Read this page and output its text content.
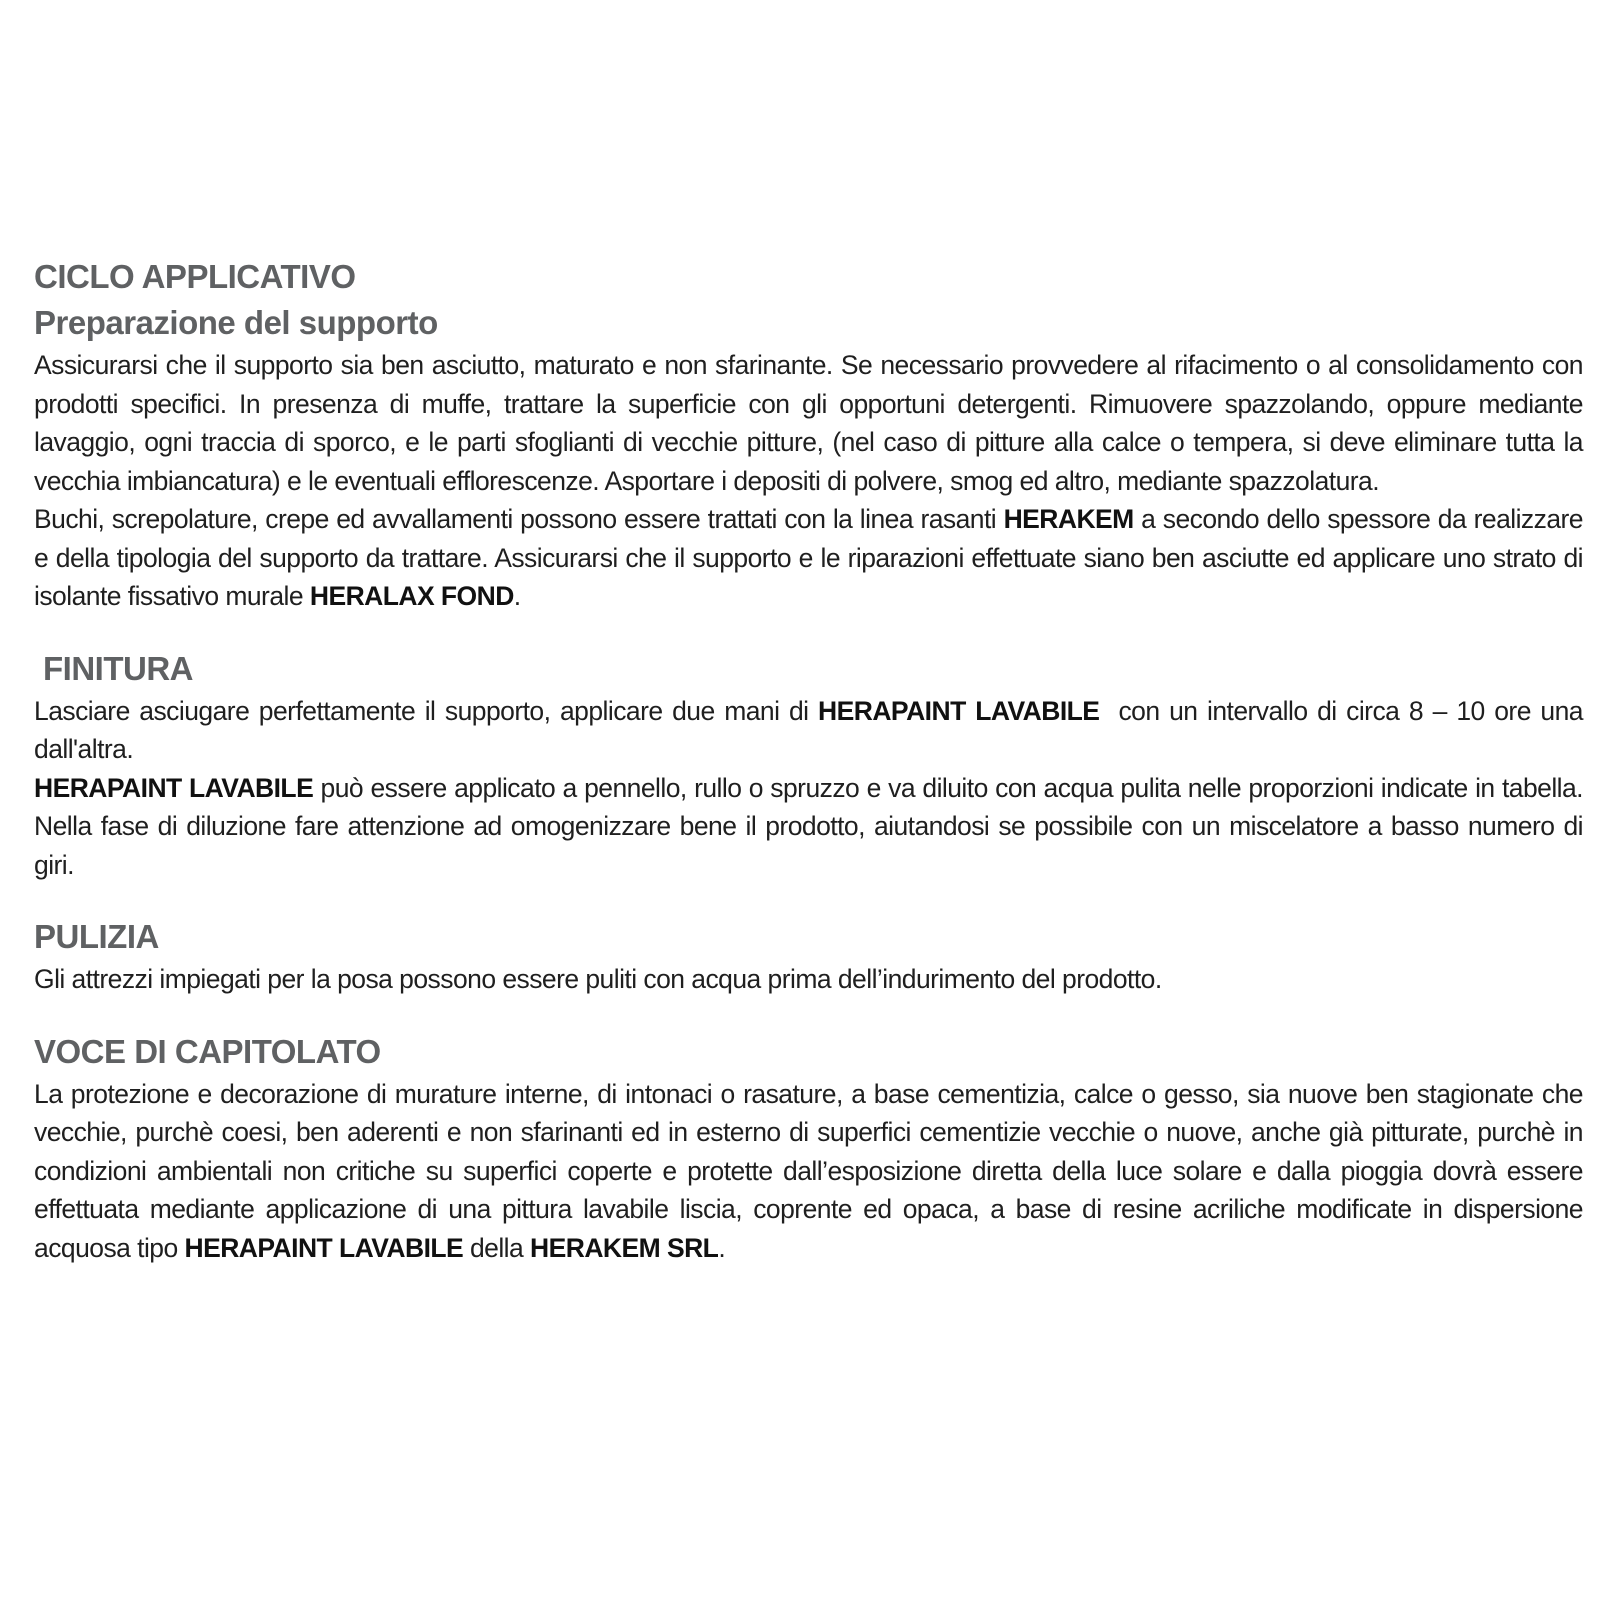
CICLO APPLICATIVO
Preparazione del supporto

Assicurarsi che il supporto sia ben asciutto, maturato e non sfarinante. Se necessario provvedere al rifacimento o al consolidamento con prodotti specifici. In presenza di muffe, trattare la superficie con gli opportuni detergenti. Rimuovere spazzolando, oppure mediante lavaggio, ogni traccia di sporco, e le parti sfoglianti di vecchie pitture, (nel caso di pitture alla calce o tempera, si deve eliminare tutta la vecchia imbiancatura) e le eventuali efflorescenze. Asportare i depositi di polvere, smog ed altro, mediante spazzolatura.

Buchi, screpolature, crepe ed avvallamenti possono essere trattati con la linea rasanti HERAKEM a secondo dello spessore da realizzare e della tipologia del supporto da trattare. Assicurarsi che il supporto e le riparazioni effettuate siano ben asciutte ed applicare uno strato di isolante fissativo murale HERALAX FOND.

FINITURA

Lasciare asciugare perfettamente il supporto, applicare due mani di HERAPAINT LAVABILE  con un intervallo di circa 8 – 10 ore una dall'altra.

HERAPAINT LAVABILE può essere applicato a pennello, rullo o spruzzo e va diluito con acqua pulita nelle proporzioni indicate in tabella. Nella fase di diluzione fare attenzione ad omogenizzare bene il prodotto, aiutandosi se possibile con un miscelatore a basso numero di giri.

PULIZIA

Gli attrezzi impiegati per la posa possono essere puliti con acqua prima dell’indurimento del prodotto.

VOCE DI CAPITOLATO

La protezione e decorazione di murature interne, di intonaci o rasature, a base cementizia, calce o gesso, sia nuove ben stagionate che vecchie, purchè coesi, ben aderenti e non sfarinanti ed in esterno di superfici cementizie vecchie o nuove, anche già pitturate, purchè in condizioni ambientali non critiche su superfici coperte e protette dall’esposizione diretta della luce solare e dalla pioggia dovrà essere effettuata mediante applicazione di una pittura lavabile liscia, coprente ed opaca, a base di resine acriliche modificate in dispersione acquosa tipo HERAPAINT LAVABILE della HERAKEM SRL.
